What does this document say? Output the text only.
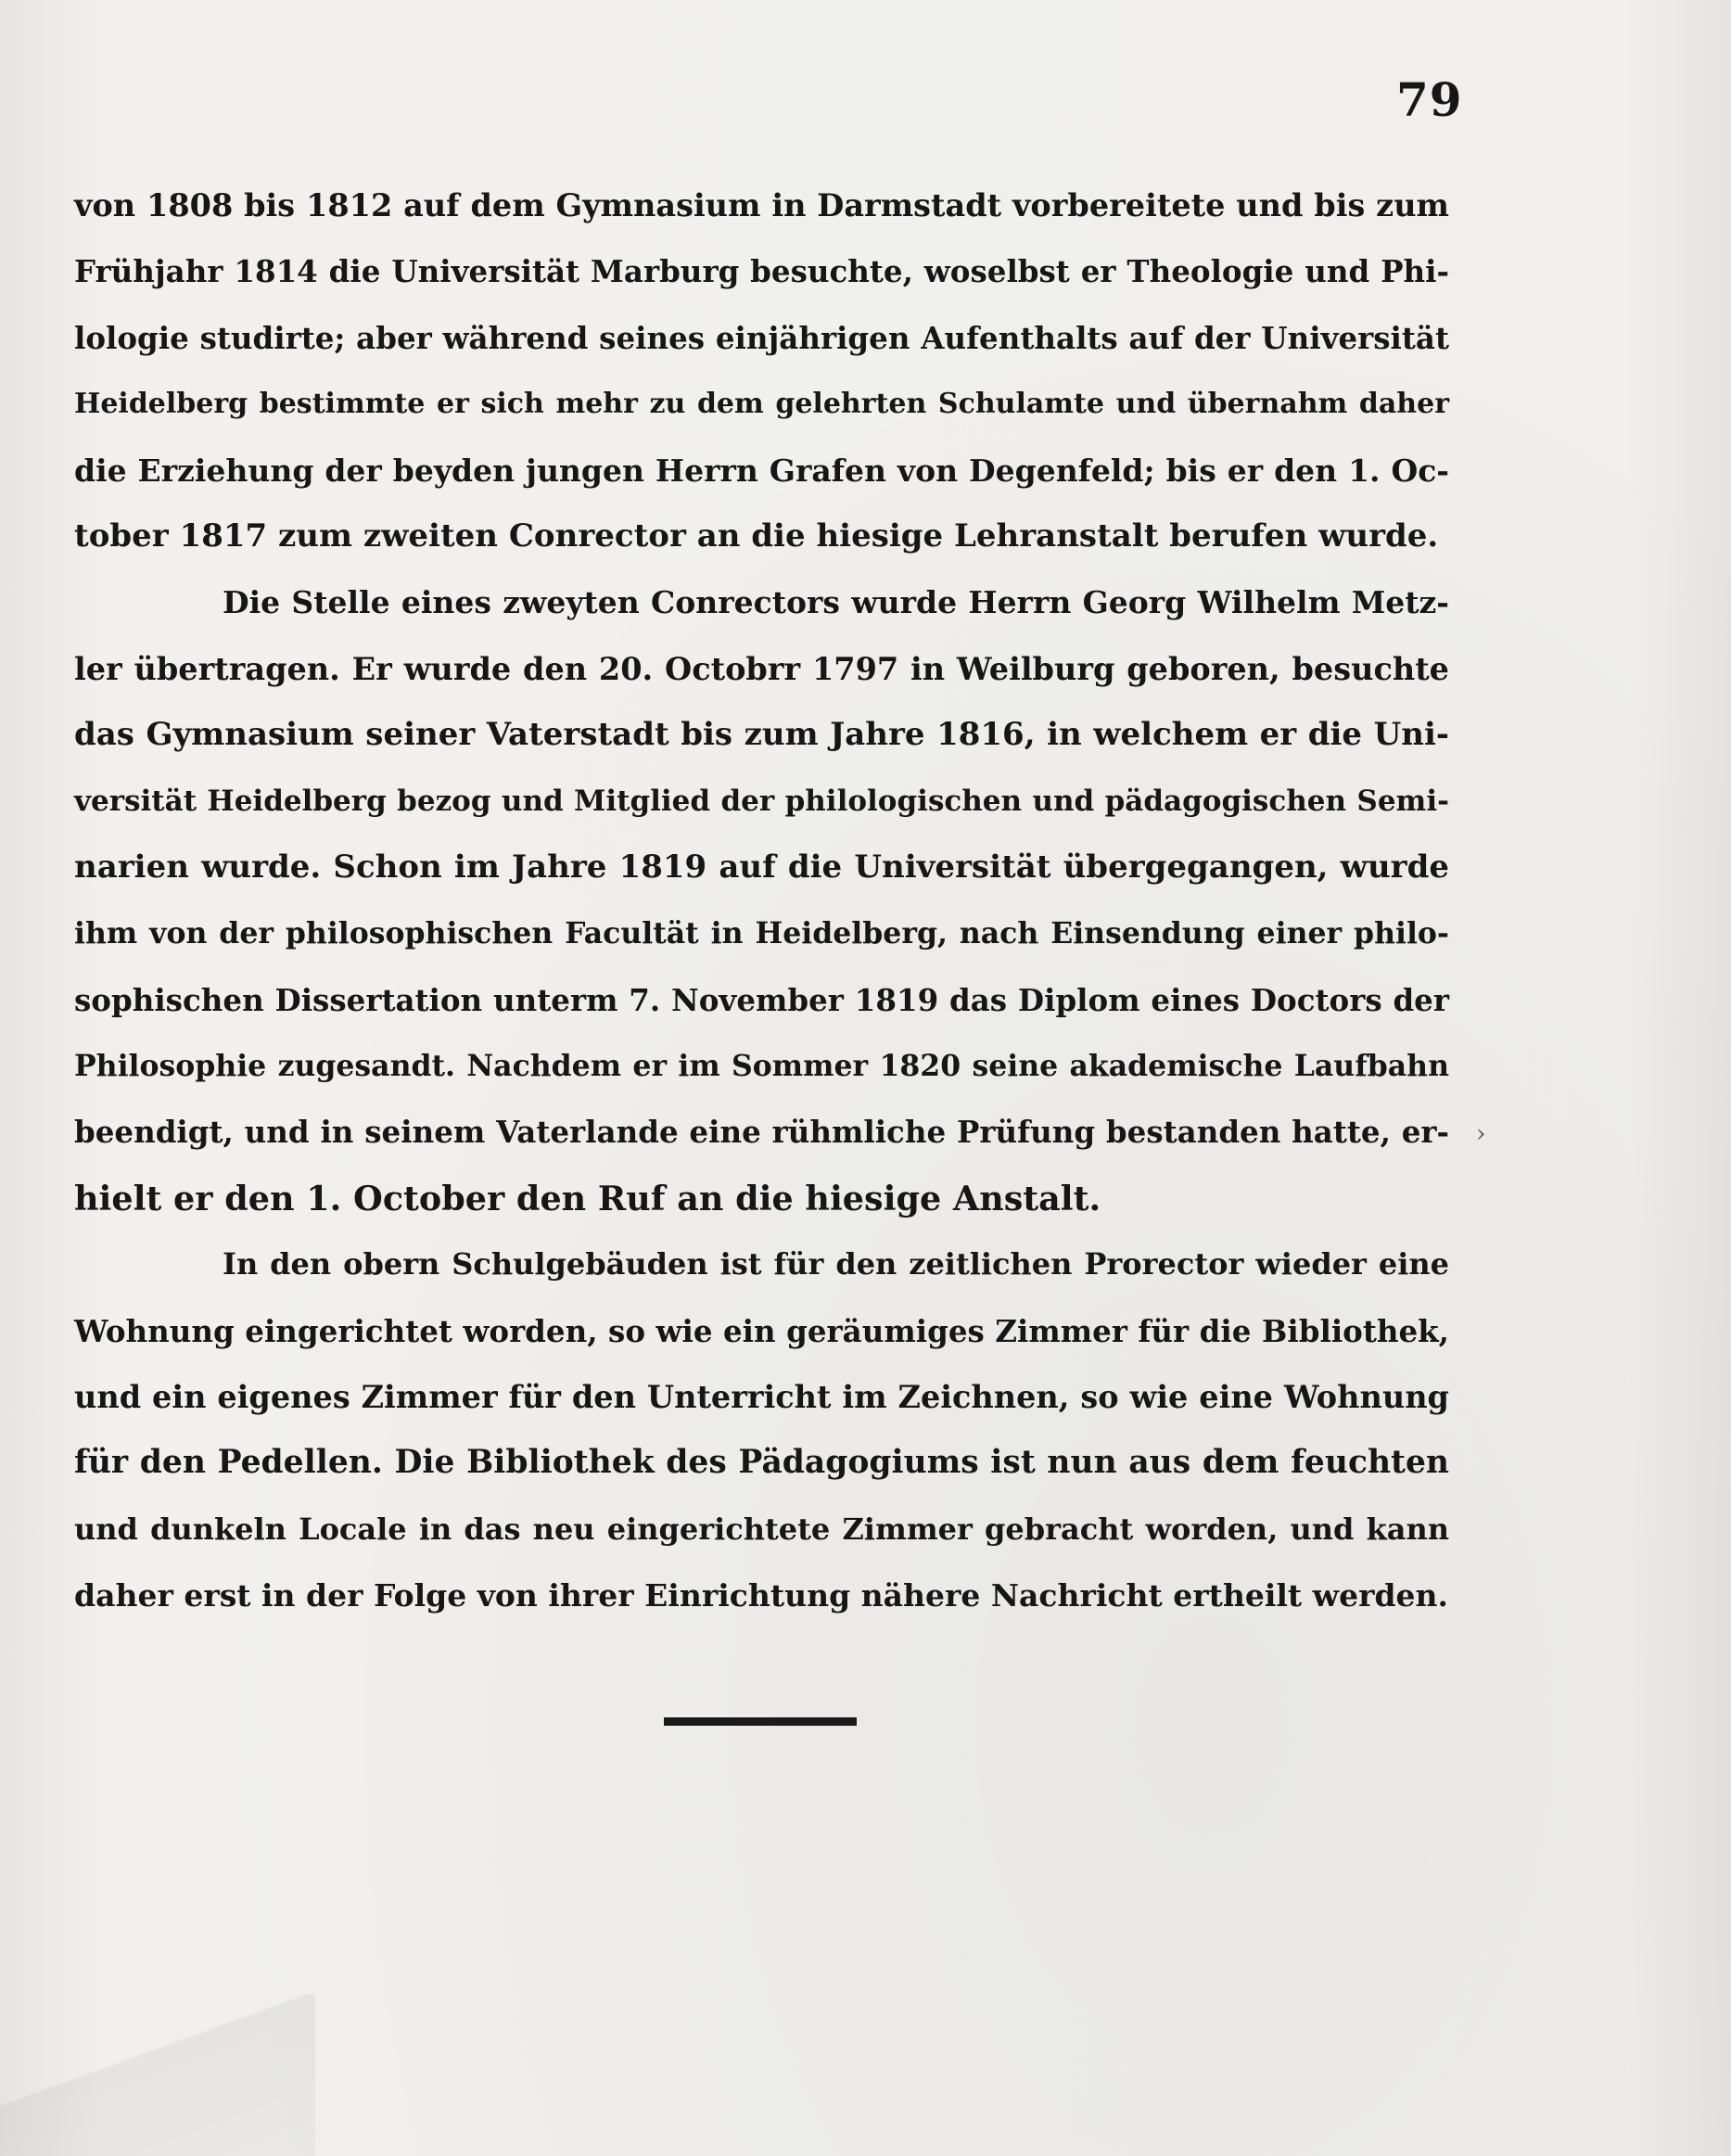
79
von 1808 bis 1812 auf dem Gymnasium in Darmstadt vorbereitete und bis zum
Frühjahr 1814 die Universität Marburg besuchte, woselbst er Theologie und Phi-
lologie studirte; aber während seines einjährigen Aufenthalts auf der Universität
Heidelberg bestimmte er sich mehr zu dem gelehrten Schulamte und übernahm daher
die Erziehung der beyden jungen Herrn Grafen von Degenfeld; bis er den 1. Oc-
tober 1817 zum zweiten Conrector an die hiesige Lehranstalt berufen wurde.
Die Stelle eines zweyten Conrectors wurde Herrn Georg Wilhelm Metz-
ler übertragen. Er wurde den 20. Octobrr 1797 in Weilburg geboren, besuchte
das Gymnasium seiner Vaterstadt bis zum Jahre 1816, in welchem er die Uni-
versität Heidelberg bezog und Mitglied der philologischen und pädagogischen Semi-
narien wurde. Schon im Jahre 1819 auf die Universität übergegangen, wurde
ihm von der philosophischen Facultät in Heidelberg, nach Einsendung einer philo-
sophischen Dissertation unterm 7. November 1819 das Diplom eines Doctors der
Philosophie zugesandt. Nachdem er im Sommer 1820 seine akademische Laufbahn
beendigt, und in seinem Vaterlande eine rühmliche Prüfung bestanden hatte, er-
hielt er den 1. October den Ruf an die hiesige Anstalt.
In den obern Schulgebäuden ist für den zeitlichen Prorector wieder eine
Wohnung eingerichtet worden, so wie ein geräumiges Zimmer für die Bibliothek,
und ein eigenes Zimmer für den Unterricht im Zeichnen, so wie eine Wohnung
für den Pedellen. Die Bibliothek des Pädagogiums ist nun aus dem feuchten
und dunkeln Locale in das neu eingerichtete Zimmer gebracht worden, und kann
daher erst in der Folge von ihrer Einrichtung nähere Nachricht ertheilt werden.
›
